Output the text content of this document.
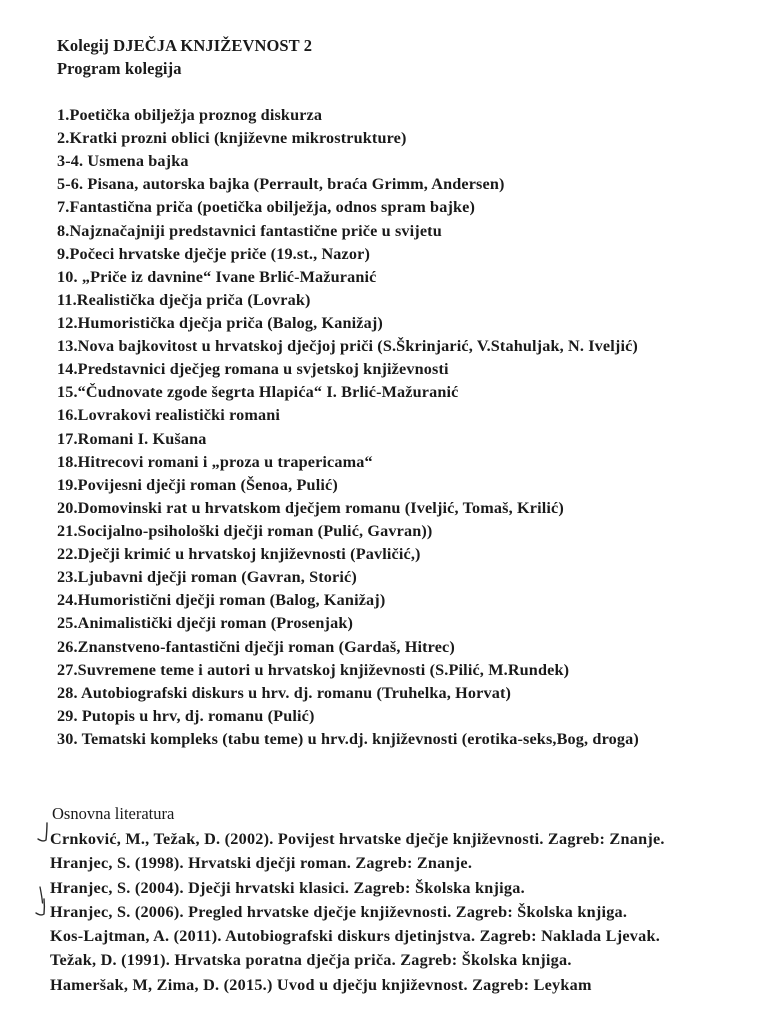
Kolegij DJEČJA KNJIŽEVNOST 2
Program kolegija
1.Poetička obilježja proznog diskurza
2.Kratki prozni oblici (književne mikrostrukture)
3-4. Usmena bajka
5-6. Pisana, autorska bajka (Perrault, braća Grimm, Andersen)
7.Fantastična priča (poetička obilježja, odnos spram bajke)
8.Najznačajniji predstavnici fantastične priče u svijetu
9.Počeci hrvatske dječje priče (19.st., Nazor)
10. „Priče iz davnine“ Ivane Brlić-Mažuranić
11.Realistička dječja priča (Lovrak)
12.Humoristička dječja priča (Balog, Kanižaj)
13.Nova bajkovitost u hrvatskoj dječjoj priči (S.Škrinjarić, V.Stahuljak, N. Iveljić)
14.Predstavnici dječjeg romana u svjetskoj književnosti
15.“Čudnovate zgode šegrta Hlapića“ I. Brlić-Mažuranić
16.Lovrakovi realistički romani
17.Romani I. Kušana
18.Hitrecovi romani i „proza u trapericama“
19.Povijesni dječji roman (Šenoa, Pulić)
20.Domovinski rat u hrvatskom dječjem romanu (Iveljić, Tomaš, Krilić)
21.Socijalno-psihološki dječji roman (Pulić, Gavran))
22.Dječji krimić u hrvatskoj književnosti (Pavličić,)
23.Ljubavni dječji roman (Gavran, Storić)
24.Humoristični dječji roman (Balog, Kanižaj)
25.Animalistički dječji roman (Prosenjak)
26.Znanstveno-fantastični dječji roman (Gardaš, Hitrec)
27.Suvremene teme i autori u hrvatskoj književnosti (S.Pilić, M.Rundek)
28. Autobiografski diskurs u hrv. dj. romanu (Truhelka, Horvat)
29. Putopis u hrv, dj. romanu (Pulić)
30. Tematski kompleks (tabu teme) u hrv.dj. književnosti (erotika-seks,Bog, droga)
Osnovna literatura
Crnković, M., Težak, D. (2002). Povijest hrvatske dječje književnosti. Zagreb: Znanje.
Hranjec, S. (1998). Hrvatski dječji roman. Zagreb: Znanje.
Hranjec, S. (2004). Dječji hrvatski klasici. Zagreb: Školska knjiga.
Hranjec, S. (2006). Pregled hrvatske dječje književnosti. Zagreb: Školska knjiga.
Kos-Lajtman, A. (2011). Autobiografski diskurs djetinjstva. Zagreb: Naklada Ljevak.
Težak, D. (1991). Hrvatska poratna dječja priča. Zagreb: Školska knjiga.
Hameršak, M, Zima, D. (2015.) Uvod u dječju književnost. Zagreb: Leykam
